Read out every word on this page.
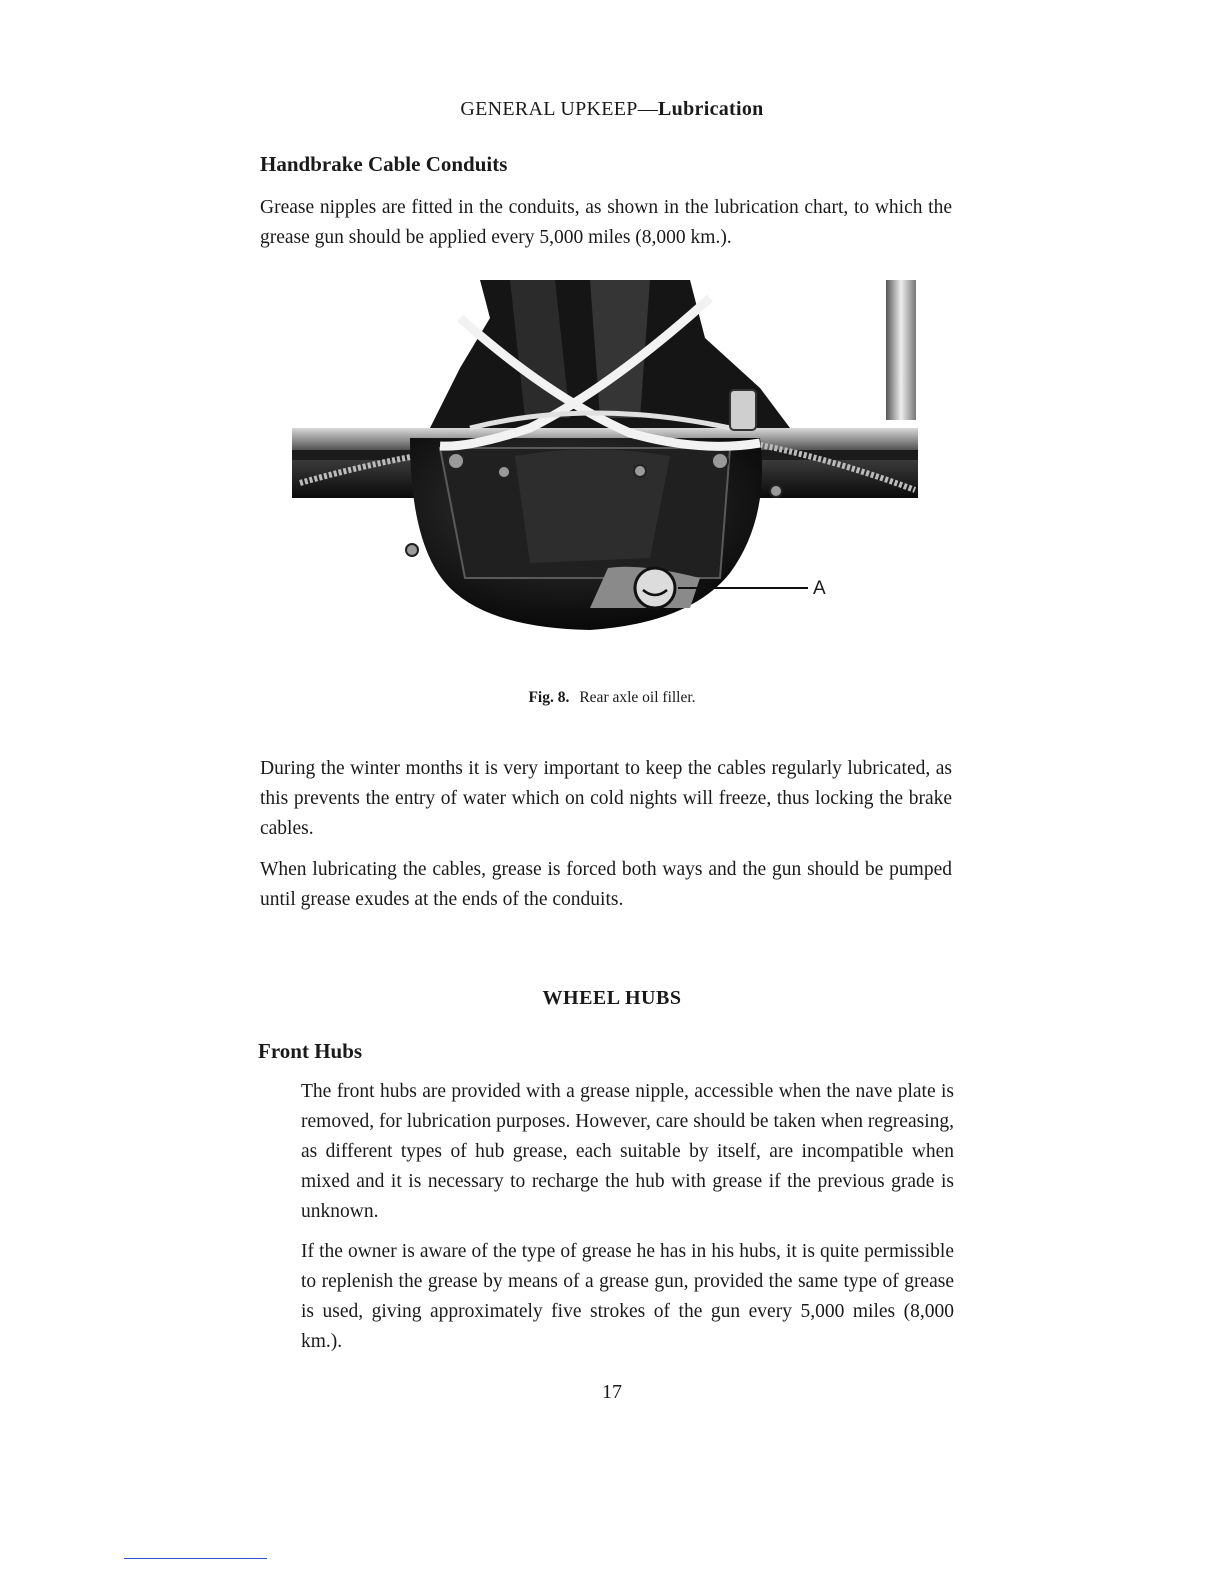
GENERAL UPKEEP—Lubrication
Handbrake Cable Conduits
Grease nipples are fitted in the conduits, as shown in the lubrication chart, to which the grease gun should be applied every 5,000 miles (8,000 km.).
A
Fig. 8. Rear axle oil filler.
During the winter months it is very important to keep the cables regularly lubricated, as this prevents the entry of water which on cold nights will freeze, thus locking the brake cables.
When lubricating the cables, grease is forced both ways and the gun should be pumped until grease exudes at the ends of the conduits.
WHEEL HUBS
Front Hubs
The front hubs are provided with a grease nipple, accessible when the nave plate is removed, for lubrication purposes. However, care should be taken when regreasing, as different types of hub grease, each suitable by itself, are incompatible when mixed and it is necessary to recharge the hub with grease if the previous grade is unknown.
If the owner is aware of the type of grease he has in his hubs, it is quite permissible to replenish the grease by means of a grease gun, provided the same type of grease is used, giving approximately five strokes of the gun every 5,000 miles (8,000 km.).
17
